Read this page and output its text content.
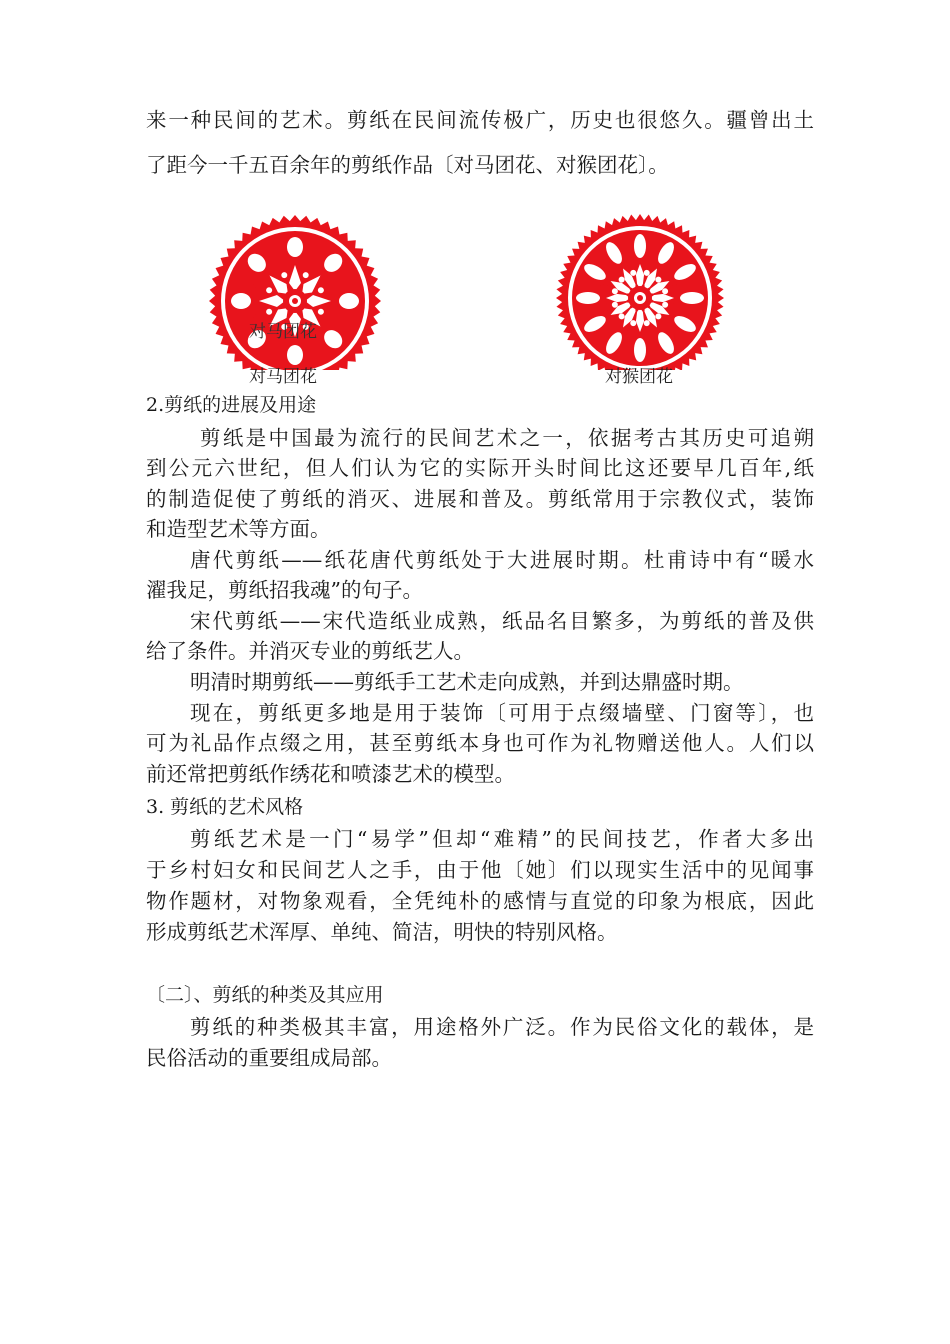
来一种民间的艺术。剪纸在民间流传极广，历史也很悠久。疆曾出土
了距今一千五百余年的剪纸作品〔对马团花、对猴团花〕。
对马团花
对马团花	对猴团花
2.剪纸的进展及用途
剪纸是中国最为流行的民间艺术之一，依据考古其历史可追朔
到公元六世纪，但人们认为它的实际开头时间比这还要早几百年,纸
的制造促使了剪纸的消灭、进展和普及。剪纸常用于宗教仪式，装饰
和造型艺术等方面。
唐代剪纸——纸花唐代剪纸处于大进展时期。杜甫诗中有“暖水
濯我足，剪纸招我魂”的句子。
宋代剪纸——宋代造纸业成熟，纸品名目繁多，为剪纸的普及供
给了条件。并消灭专业的剪纸艺人。
明清时期剪纸——剪纸手工艺术走向成熟，并到达鼎盛时期。
现在，剪纸更多地是用于装饰〔可用于点缀墙壁、门窗等〕，也
可为礼品作点缀之用，甚至剪纸本身也可作为礼物赠送他人。人们以
前还常把剪纸作绣花和喷漆艺术的模型。
3. 剪纸的艺术风格
剪纸艺术是一门“易学”但却“难精”的民间技艺，作者大多出
于乡村妇女和民间艺人之手，由于他〔她〕们以现实生活中的见闻事
物作题材，对物象观看，全凭纯朴的感情与直觉的印象为根底，因此
形成剪纸艺术浑厚、单纯、简洁，明快的特别风格。
〔二〕、剪纸的种类及其应用
剪纸的种类极其丰富，用途格外广泛。作为民俗文化的载体，是
民俗活动的重要组成局部。
